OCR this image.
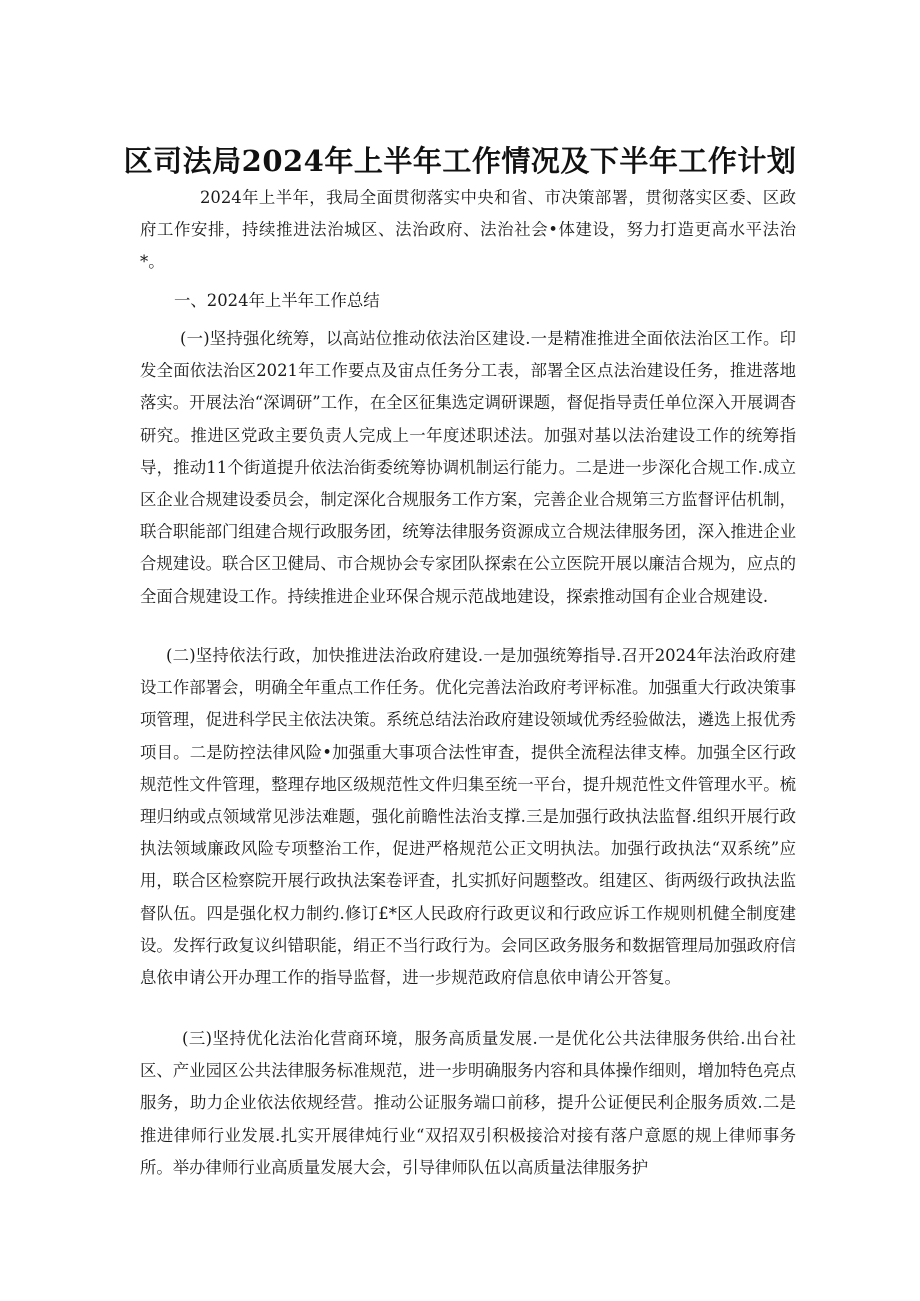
区司法局2024年上半年工作情况及下半年工作计划

2024年上半年，我局全面贯彻落实中央和省、市决策部署，贯彻落实区委、区政府工作安排，持续推进法治城区、法治政府、法治社会•体建设，努力打造更高水平法治*。

一、2024年上半年工作总结

(一)坚持强化统筹，以高站位推动依法治区建设.一是精准推进全面依法治区工作。印发全面依法治区2021年工作要点及宙点任务分工表，部署全区点法治建设任务，推进落地落实。开展法治“深调研”工作，在全区征集选定调研课题，督促指导责任单位深入开展调杳研究。推进区党政主要负责人完成上一年度述职述法。加强对基以法治建设工作的统筹指导，推动11个街道提升依法治街委统筹协调机制运行能力。二是进一步深化合规工作.成立区企业合规建设委员会，制定深化合规服务工作方案，完善企业合规第三方监督评估机制，联合职能部门组建合规行政服务团，统筹法律服务资源成立合规法律服务团，深入推进企业合规建设。联合区卫健局、市合规协会专家团队探索在公立医院开展以廉洁合规为，应点的全面合规建设工作。持续推进企业环保合规示范战地建设，探索推动国有企业合规建设.

(二)坚持依法行政，加快推进法治政府建设.一是加强统筹指导.召开2024年法治政府建设工作部署会，明确全年重点工作任务。优化完善法治政府考评标准。加强重大行政决策事项管理，促进科学民主依法决策。系统总结法治政府建设领域优秀经验做法，遴选上报优秀项目。二是防控法律风险•加强重大事项合法性审査，提供全流程法律支棒。加强全区行政规范性文件管理，整理存地区级规范性文件归集至统一平台，提升规范性文件管理水平。梳理归纳或点领域常见涉法难题，强化前瞻性法治支撑.三是加强行政执法监督.组织开展行政执法领域廉政风险专项整治工作，促进严格规范公正文明执法。加强行政执法“双系统”应用，联合区检察院开展行政执法案卷评査，扎实抓好问题整改。组建区、街两级行政执法监督队伍。四是强化权力制约.修订£*区人民政府行政更议和行政应诉工作规则机健全制度建设。发挥行政复议纠错职能，绢正不当行政行为。会同区政务服务和数据管理局加强政府信息依申请公开办理工作的指导监督，进一步规范政府信息依申请公开答复。

(三)坚持优化法治化营商环境，服务高质量发展.一是优化公共法律服务供给.出台社区、产业园区公共法律服务标准规范，进一步明确服务内容和具体操作细则，增加特色亮点服务，助力企业依法依规经营。推动公证服务端口前移，提升公证便民利企服务质效.二是推进律师行业发展.扎实开展律炖行业“双招双引积极接洽对接有落户意愿的规上律师事务所。举办律师行业高质量发展大会，引导律师队伍以高质量法律服务护
